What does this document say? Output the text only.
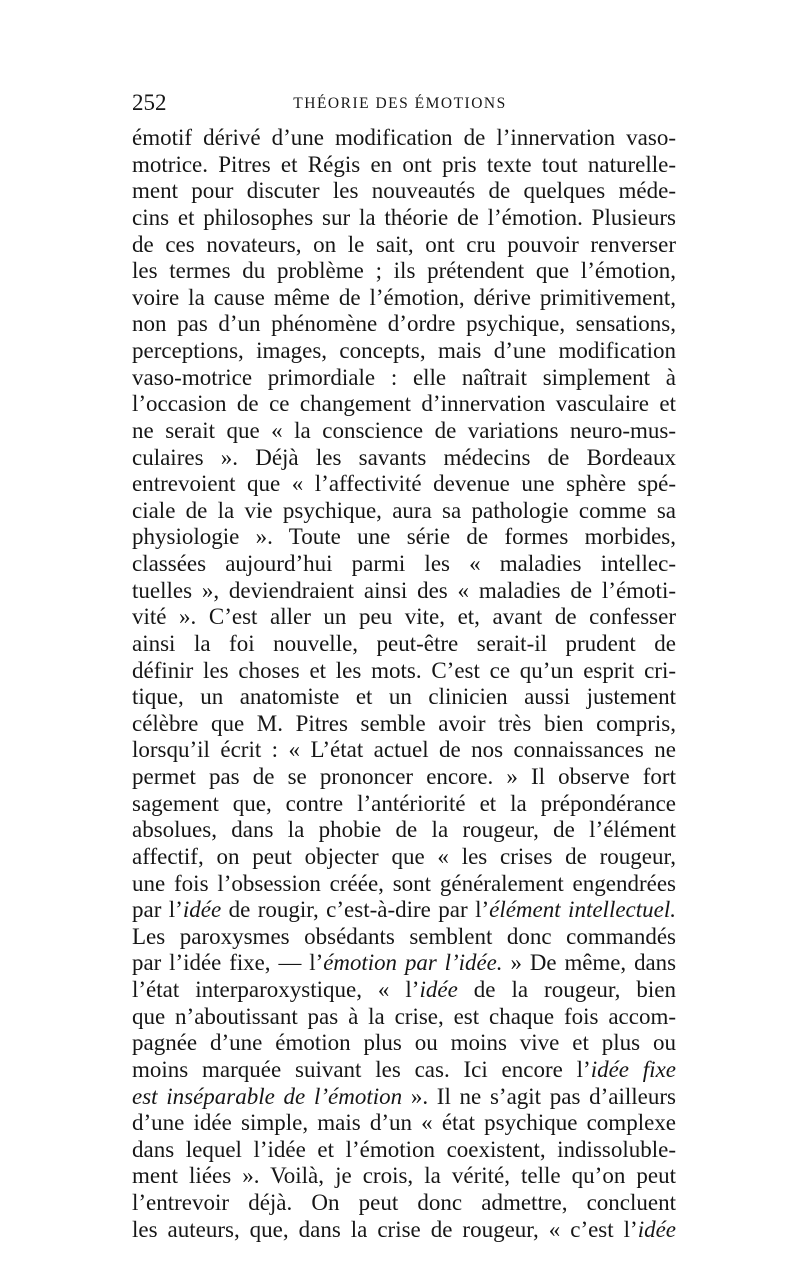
252	THÉORIE DES ÉMOTIONS
émotif dérivé d’une modification de l’innervation vaso-
motrice. Pitres et Régis en ont pris texte tout naturelle-
ment pour discuter les nouveautés de quelques méde-
cins et philosophes sur la théorie de l’émotion. Plusieurs
de ces novateurs, on le sait, ont cru pouvoir renverser
les termes du problème ; ils prétendent que l’émotion,
voire la cause même de l’émotion, dérive primitivement,
non pas d’un phénomène d’ordre psychique, sensations,
perceptions, images, concepts, mais d’une modification
vaso-motrice primordiale : elle naîtrait simplement à
l’occasion de ce changement d’innervation vasculaire et
ne serait que « la conscience de variations neuro-mus-
culaires ». Déjà les savants médecins de Bordeaux
entrevoient que « l’affectivité devenue une sphère spé-
ciale de la vie psychique, aura sa pathologie comme sa
physiologie ». Toute une série de formes morbides,
classées aujourd’hui parmi les « maladies intellec-
tuelles », deviendraient ainsi des « maladies de l’émoti-
vité ». C’est aller un peu vite, et, avant de confesser
ainsi la foi nouvelle, peut-être serait-il prudent de
définir les choses et les mots. C’est ce qu’un esprit cri-
tique, un anatomiste et un clinicien aussi justement
célèbre que M. Pitres semble avoir très bien compris,
lorsqu’il écrit : « L’état actuel de nos connaissances ne
permet pas de se prononcer encore. » Il observe fort
sagement que, contre l’antériorité et la prépondérance
absolues, dans la phobie de la rougeur, de l’élément
affectif, on peut objecter que « les crises de rougeur,
une fois l’obsession créée, sont généralement engendrées
par l’idée de rougir, c’est-à-dire par l’élément intellectuel.
Les paroxysmes obsédants semblent donc commandés
par l’idée fixe, — l’émotion par l’idée. » De même, dans
l’état interparoxystique, « l’idée de la rougeur, bien
que n’aboutissant pas à la crise, est chaque fois accom-
pagnée d’une émotion plus ou moins vive et plus ou
moins marquée suivant les cas. Ici encore l’idée fixe
est inséparable de l’émotion ». Il ne s’agit pas d’ailleurs
d’une idée simple, mais d’un « état psychique complexe
dans lequel l’idée et l’émotion coexistent, indissoluble-
ment liées ». Voilà, je crois, la vérité, telle qu’on peut
l’entrevoir déjà. On peut donc admettre, concluent
les auteurs, que, dans la crise de rougeur, « c’est l’idée
